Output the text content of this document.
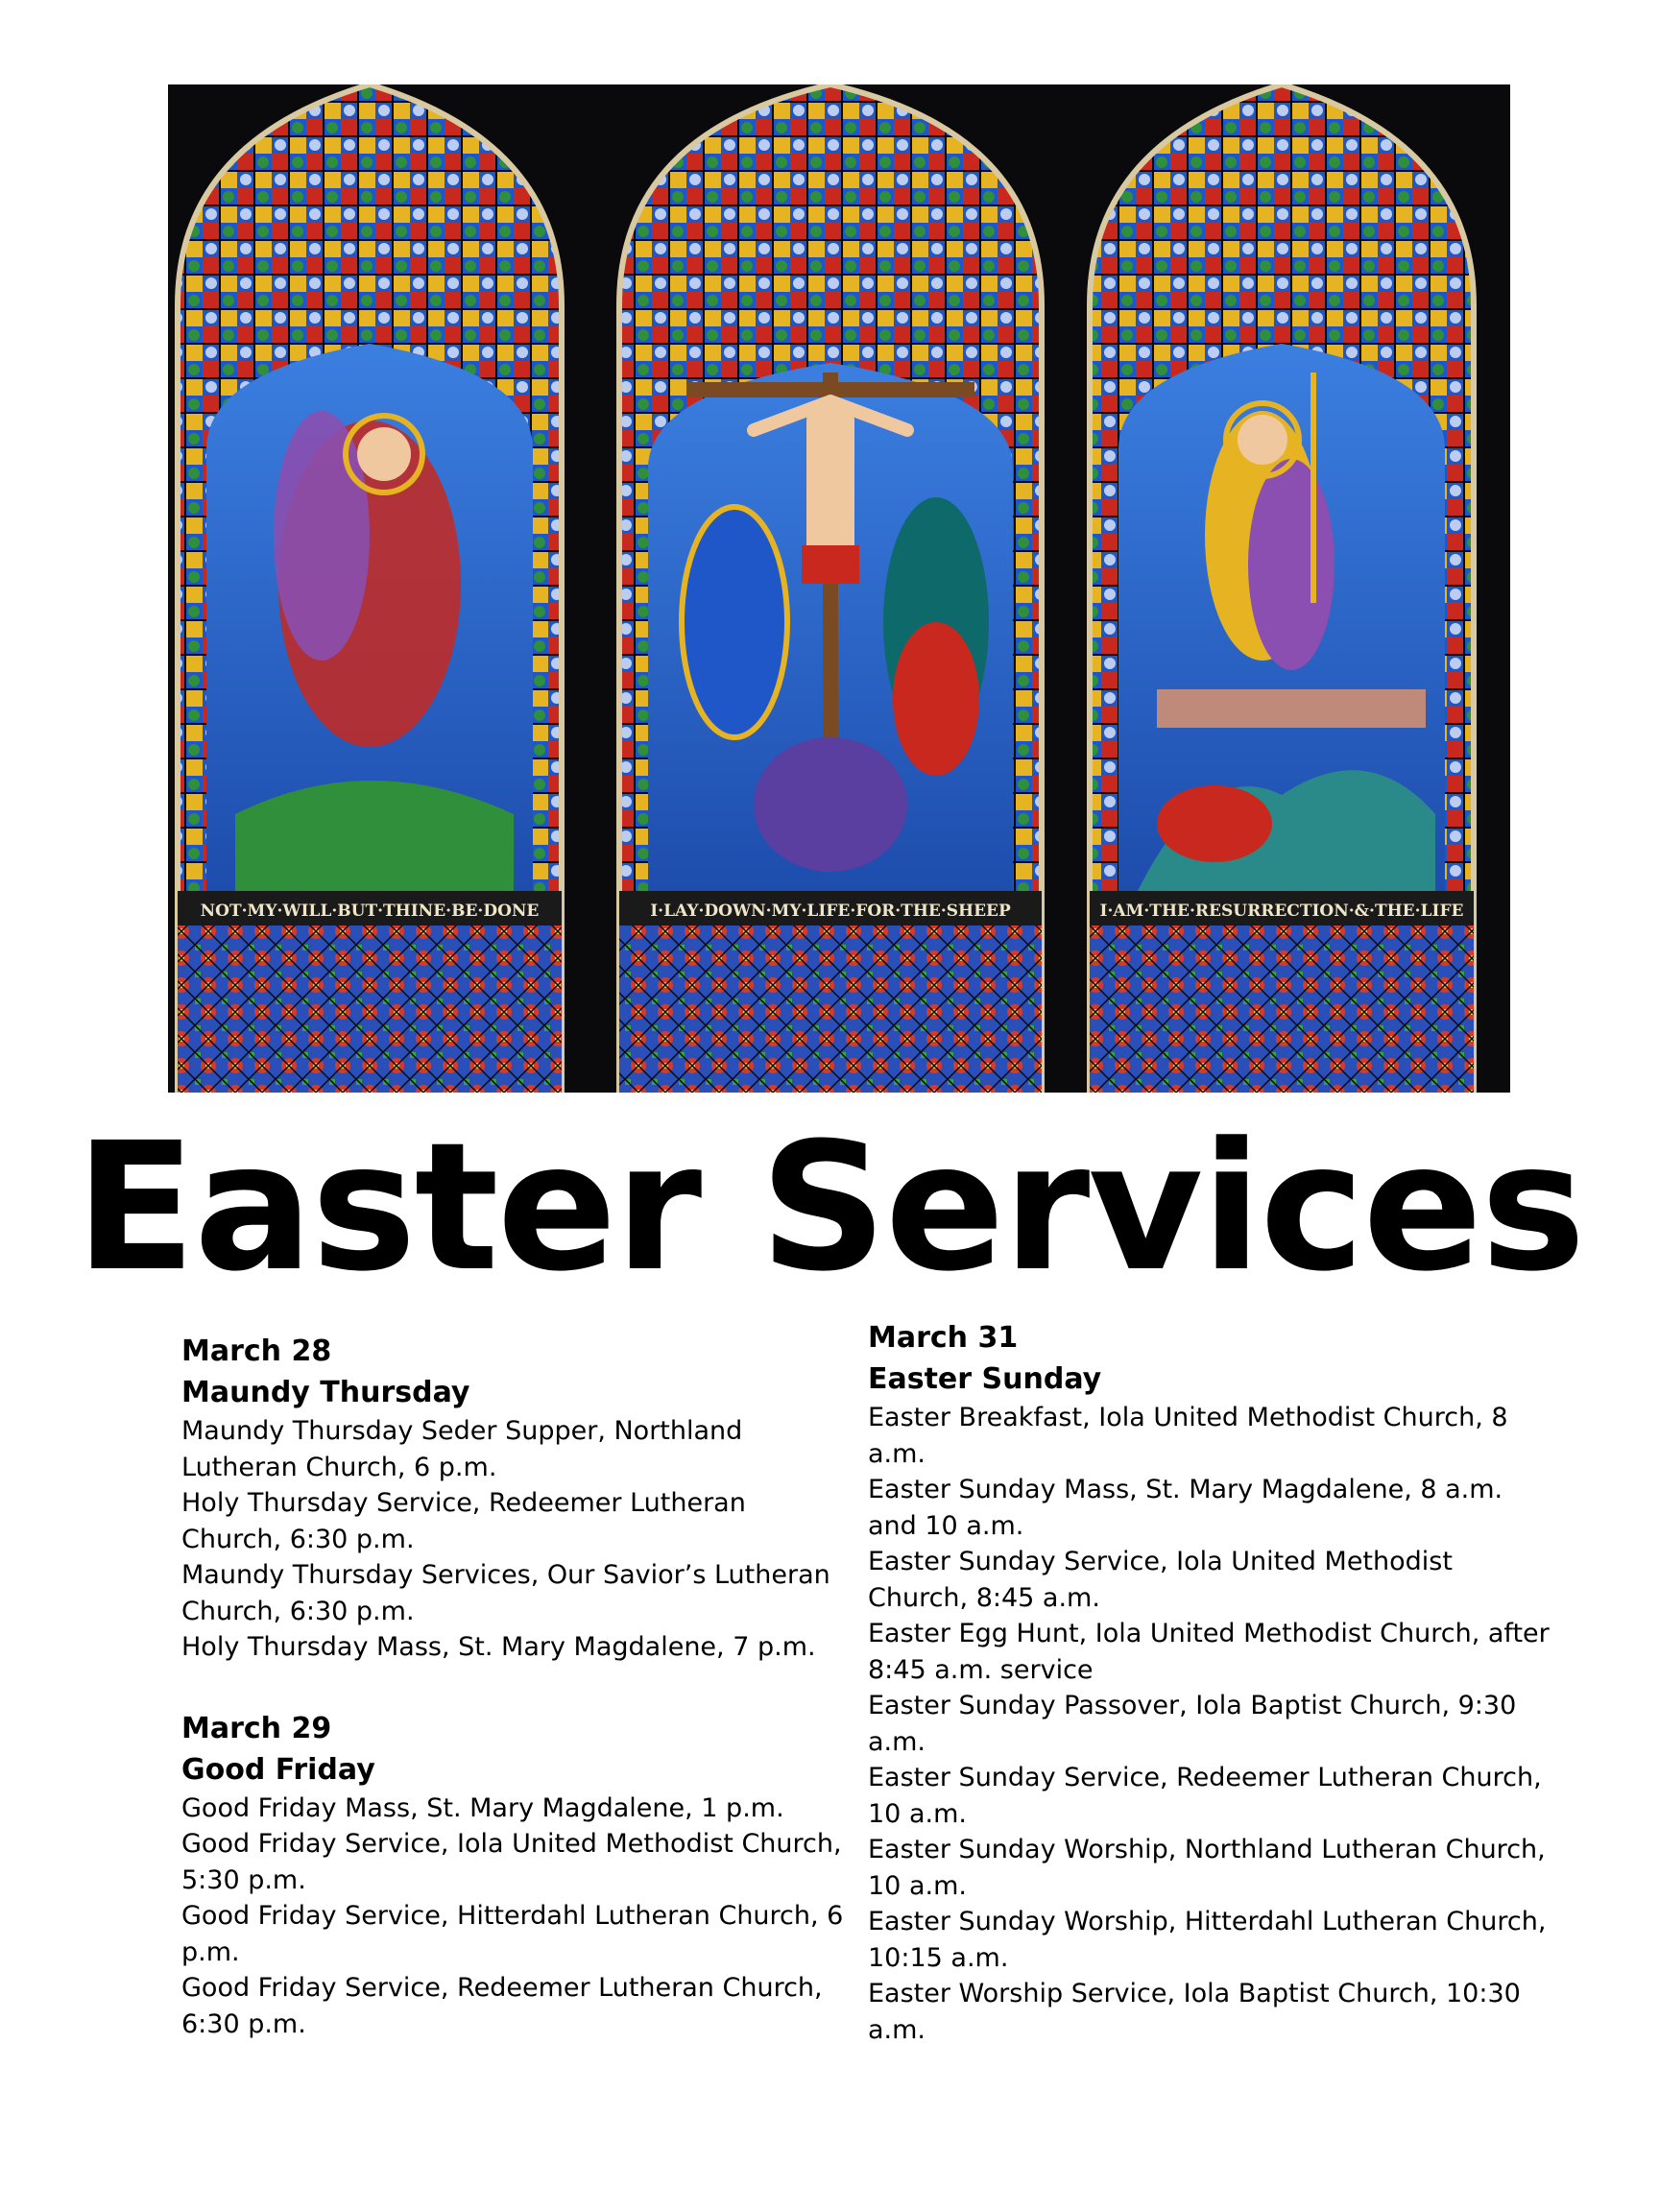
NOT·MY·WILL·BUT·THINE·BE·DONE	I·LAY·DOWN·MY·LIFE·FOR·THE·SHEEP	I·AM·THE·RESURRECTION·&·THE·LIFE
Easter Services

March 28

Maundy Thursday

Maundy Thursday Seder Supper, Northland Lutheran Church, 6 p.m.
Holy Thursday Service, Redeemer Lutheran Church, 6:30 p.m.
Maundy Thursday Services, Our Savior’s Lutheran Church, 6:30 p.m.
Holy Thursday Mass, St. Mary Magdalene, 7 p.m.

March 29

Good Friday

Good Friday Mass, St. Mary Magdalene, 1 p.m.
Good Friday Service, Iola United Methodist Church, 5:30 p.m.
Good Friday Service, Hitterdahl Lutheran Church, 6 p.m.
Good Friday Service, Redeemer Lutheran Church, 6:30 p.m.

March 31

Easter Sunday

Easter Breakfast, Iola United Methodist Church, 8 a.m.
Easter Sunday Mass, St. Mary Magdalene, 8 a.m. and 10 a.m.
Easter Sunday Service, Iola United Methodist Church, 8:45 a.m.
Easter Egg Hunt, Iola United Methodist Church, after 8:45 a.m. service
Easter Sunday Passover, Iola Baptist Church, 9:30 a.m.
Easter Sunday Service, Redeemer Lutheran Church, 10 a.m.
Easter Sunday Worship, Northland Lutheran Church, 10 a.m.
Easter Sunday Worship, Hitterdahl Lutheran Church, 10:15 a.m.
Easter Worship Service, Iola Baptist Church, 10:30 a.m.
